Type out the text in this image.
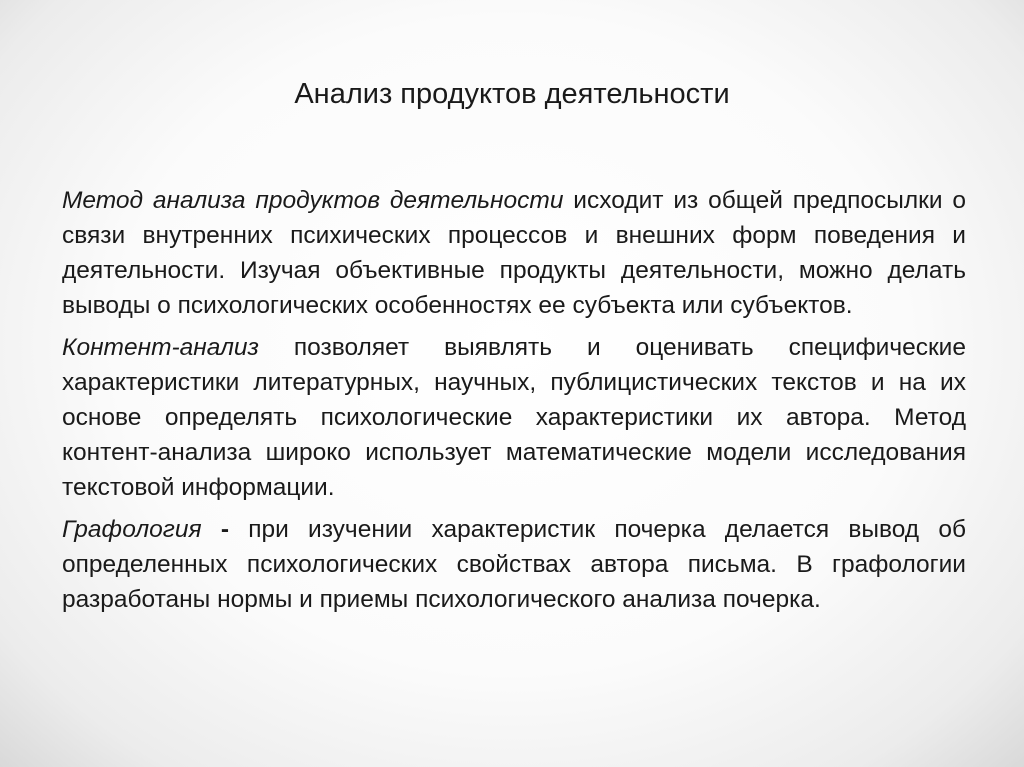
Анализ продуктов деятельности

Метод анализа продуктов деятельности исходит из общей предпосылки о связи внутренних психических процессов и внешних форм поведения и деятельности. Изучая объективные продукты деятельности, можно делать выводы о психологических особенностях ее субъекта или субъектов.

Контент-анализ позволяет выявлять и оценивать специфические характеристики литературных, научных, публицистических текстов и на их основе определять психологические характеристики их автора. Метод контент-анализа широко использует математические модели исследования текстовой информации.

Графология - при изучении характеристик почерка делается вывод об определенных психологических свойствах автора письма. В графологии разработаны нормы и приемы психологического анализа почерка.
